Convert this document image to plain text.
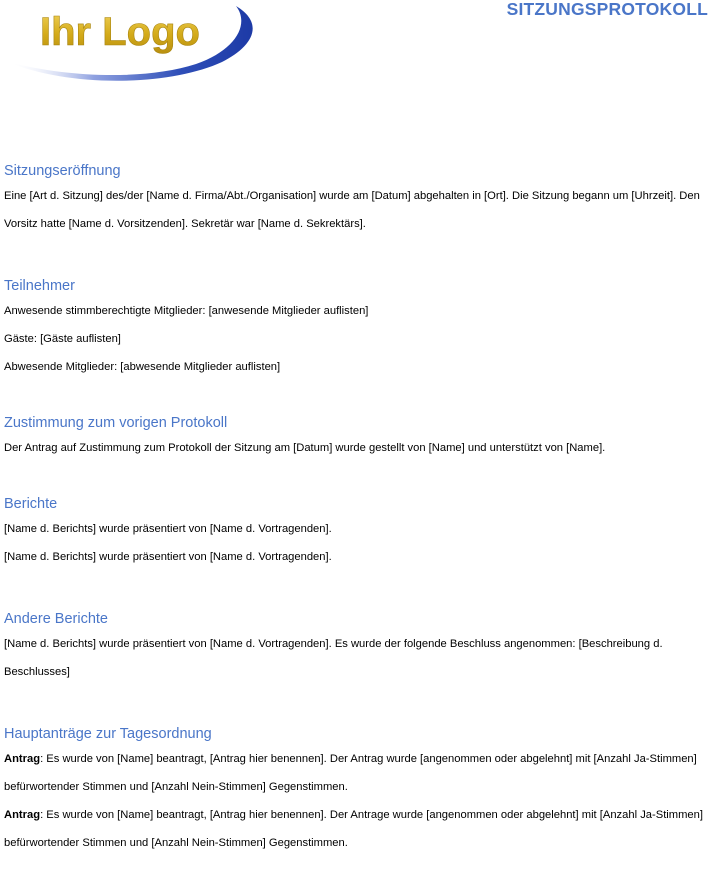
Ihr Logo
SITZUNGSPROTOKOLL
Sitzungseröffnung

Eine [Art d. Sitzung] des/der [Name d. Firma/Abt./Organisation] wurde am [Datum] abgehalten in [Ort]. Die Sitzung begann um [Uhrzeit]. Den Vorsitz hatte [Name d. Vorsitzenden]. Sekretär war [Name d. Sekrektärs].

Teilnehmer

Anwesende stimmberechtigte Mitglieder: [anwesende Mitglieder auflisten]

Gäste: [Gäste auflisten]

Abwesende Mitglieder: [abwesende Mitglieder auflisten]

Zustimmung zum vorigen Protokoll

Der Antrag auf Zustimmung zum Protokoll der Sitzung am [Datum] wurde gestellt von [Name] und unterstützt von [Name].

Berichte

[Name d. Berichts] wurde präsentiert von [Name d. Vortragenden].

[Name d. Berichts] wurde präsentiert von [Name d. Vortragenden].

Andere Berichte

[Name d. Berichts] wurde präsentiert von [Name d. Vortragenden]. Es wurde der folgende Beschluss angenommen: [Beschreibung d. Beschlusses]

Hauptanträge zur Tagesordnung

Antrag: Es wurde von [Name] beantragt, [Antrag hier benennen]. Der Antrag wurde [angenommen oder abgelehnt] mit [Anzahl Ja-Stimmen] befürwortender Stimmen und [Anzahl Nein-Stimmen] Gegenstimmen.

Antrag: Es wurde von [Name] beantragt, [Antrag hier benennen]. Der Antrage wurde [angenommen oder abgelehnt] mit [Anzahl Ja-Stimmen] befürwortender Stimmen und [Anzahl Nein-Stimmen] Gegenstimmen.
